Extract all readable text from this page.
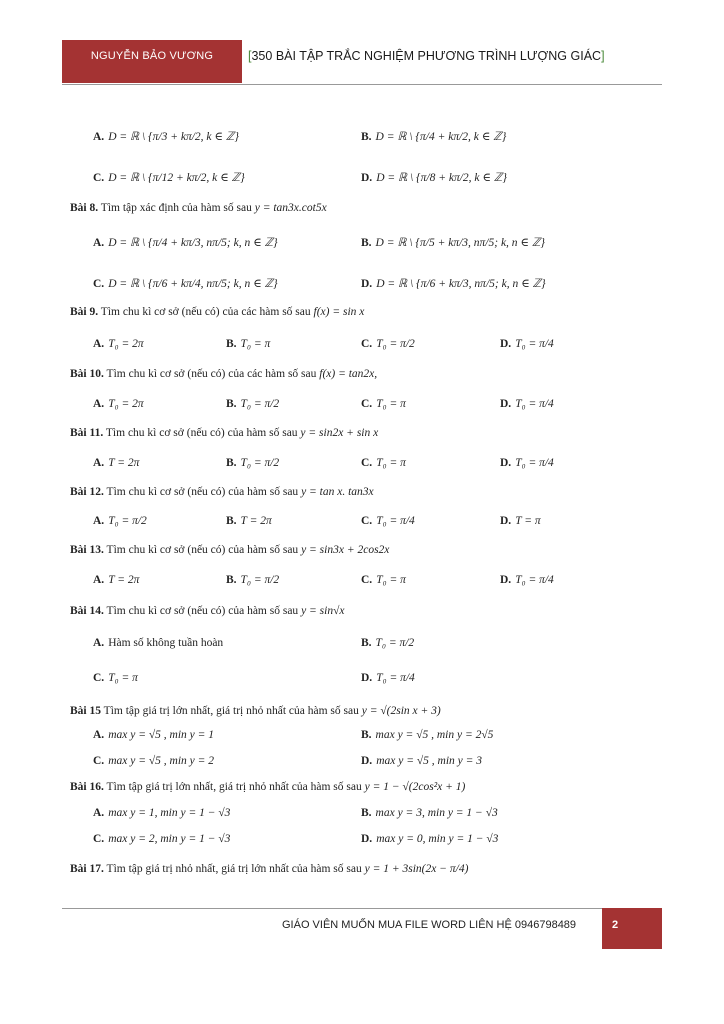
NGUYỄN BẢO VƯƠNG	[350 BÀI TẬP TRẮC NGHIỆM PHƯƠNG TRÌNH LƯỢNG GIÁC]
A. D = ℝ \ {π/3 + kπ/2, k ∈ ℤ}	B. D = ℝ \ {π/4 + kπ/2, k ∈ ℤ}
C. D = ℝ \ {π/12 + kπ/2, k ∈ ℤ}	D. D = ℝ \ {π/8 + kπ/2, k ∈ ℤ}
Bài 8. Tìm tập xác định của hàm số sau y = tan3x.cot5x
A. D = ℝ \ {π/4 + kπ/3, nπ/5; k, n ∈ ℤ}	B. D = ℝ \ {π/5 + kπ/3, nπ/5; k, n ∈ ℤ}
C. D = ℝ \ {π/6 + kπ/4, nπ/5; k, n ∈ ℤ}	D. D = ℝ \ {π/6 + kπ/3, nπ/5; k, n ∈ ℤ}
Bài 9. Tìm chu kì cơ sở (nếu có) của các hàm số sau f(x) = sin x
A. T₀ = 2π	B. T₀ = π	C. T₀ = π/2	D. T₀ = π/4
Bài 10. Tìm chu kì cơ sở (nếu có) của các hàm số sau f(x) = tan2x,
A. T₀ = 2π	B. T₀ = π/2	C. T₀ = π	D. T₀ = π/4
Bài 11. Tìm chu kì cơ sở (nếu có) của hàm số sau y = sin2x + sin x
A. T = 2π	B. T₀ = π/2	C. T₀ = π	D. T₀ = π/4
Bài 12. Tìm chu kì cơ sở (nếu có) của hàm số sau y = tan x. tan3x
A. T₀ = π/2	B. T = 2π	C. T₀ = π/4	D. T = π
Bài 13. Tìm chu kì cơ sở (nếu có) của hàm số sau y = sin3x + 2cos2x
A. T = 2π	B. T₀ = π/2	C. T₀ = π	D. T₀ = π/4
Bài 14. Tìm chu kì cơ sở (nếu có) của hàm số sau y = sin√x
A. Hàm số không tuần hoàn	B. T₀ = π/2
C. T₀ = π	D. T₀ = π/4
Bài 15 Tìm tập giá trị lớn nhất, giá trị nhỏ nhất của hàm số sau y = √(2sin x + 3)
A. max y = √5 , min y = 1	B. max y = √5 , min y = 2√5
C. max y = √5 , min y = 2	D. max y = √5 , min y = 3
Bài 16. Tìm tập giá trị lớn nhất, giá trị nhỏ nhất của hàm số sau y = 1 − √(2cos²x + 1)
A. max y = 1, min y = 1 − √3	B. max y = 3, min y = 1 − √3
C. max y = 2, min y = 1 − √3	D. max y = 0, min y = 1 − √3
Bài 17. Tìm tập giá trị nhỏ nhất, giá trị lớn nhất của hàm số sau y = 1 + 3sin(2x − π/4)
GIÁO VIÊN MUỐN MUA FILE WORD LIÊN HỆ 0946798489	2
